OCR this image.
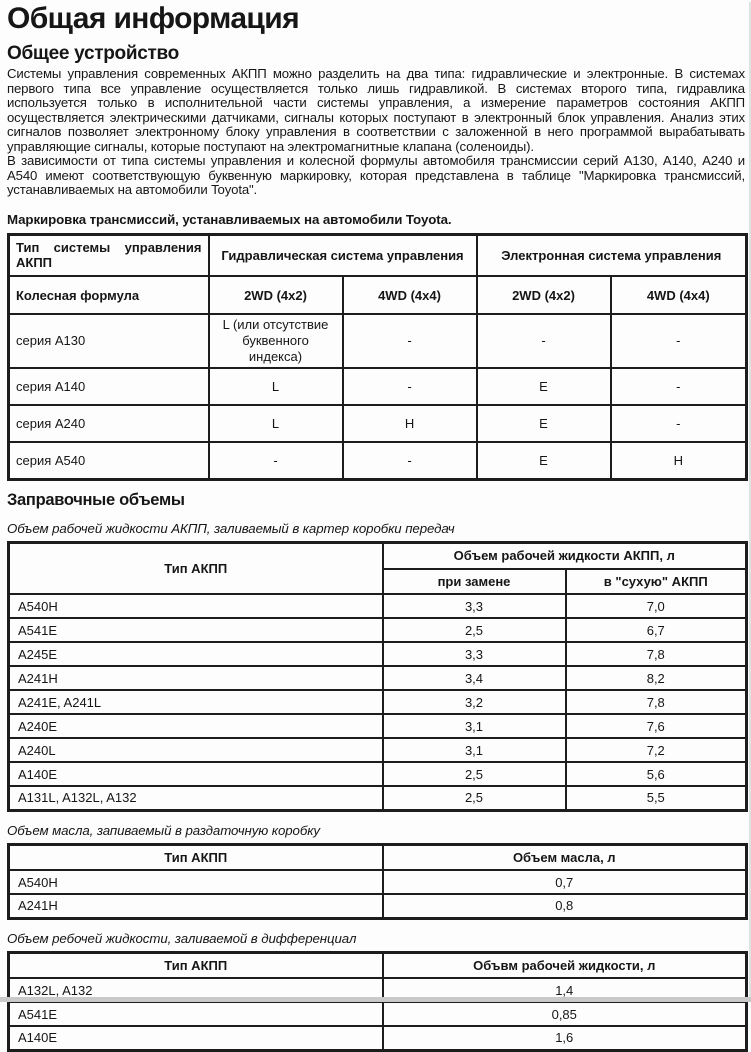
Общая информация
Общее устройство

Системы управления современных АКПП можно разделить на два типа: гидравлические и электронные. В системах первого типа все управление осуществляется только лишь гидравликой. В системах второго типа, гидравлика используется только в исполнительной части системы управления, а измерение параметров состояния АКПП осуществляется электрическими датчиками, сигналы которых поступают в электронный блок управления. Анализ этих сигналов позволяет электронному блоку управления в соответствии с заложенной в него программой вырабатывать управляющие сигналы, которые поступают на электромагнитные клапана (соленоиды).

В зависимости от типа системы управления и колесной формулы автомобиля трансмиссии серий А130, А140, А240 и А540 имеют соответствующую буквенную маркировку, которая представлена в таблице "Маркировка трансмиссий, устанавливаемых на автомобили Toyota".

Маркировка трансмиссий, устанавливаемых на автомобили Toyota.
Тип системы управления АКПП	Гидравлическая система управления		Электронная система управления	
Колесная формула	2WD (4x2)	4WD (4x4)	2WD (4x2)	4WD (4x4)
серия А130	L (или отсутствие буквенного индекса)	-	-	-
серия А140	L	-	E	-
серия А240	L	H	E	-
серия А540	-	-	E	H
Заправочные объемы
Объем рабочей жидкости АКПП, заливаемый в картер коробки передач
Тип АКПП	Объем рабочей жидкости АКПП, л	
	при замене	в "сухую" АКПП
A540H	3,3	7,0
A541E	2,5	6,7
A245E	3,3	7,8
A241H	3,4	8,2
A241E, A241L	3,2	7,8
A240E	3,1	7,6
A240L	3,1	7,2
A140E	2,5	5,6
A131L, A132L, A132	2,5	5,5
Объем масла, запиваемый в раздаточную коробку
Тип АКПП	Объем масла, л
A540H	0,7
A241H	0,8
Объем ребочей жидкости, заливаемой в дифференциал
Тип АКПП	Объвм рабочей жидкости, л
A132L, A132	1,4
A541E	0,85
A140E	1,6
